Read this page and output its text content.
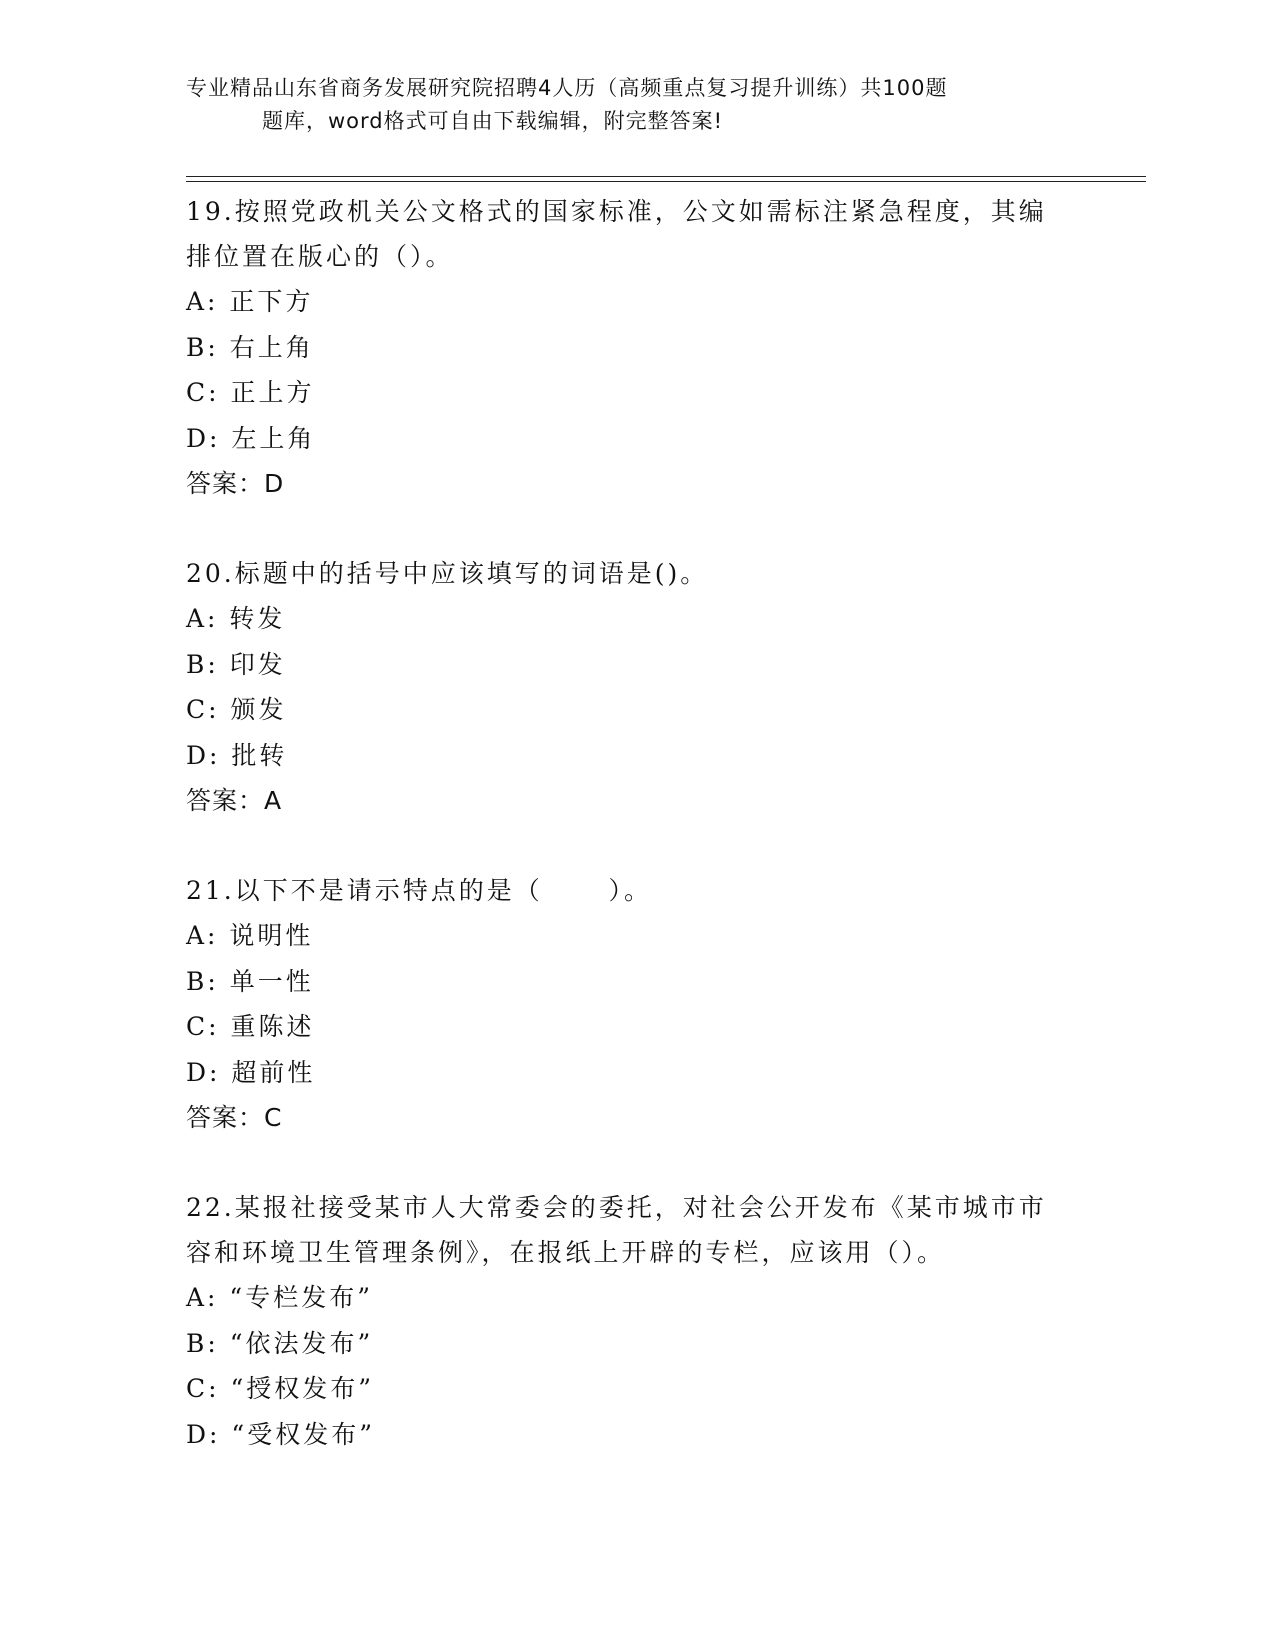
专业精品山东省商务发展研究院招聘4人历（高频重点复习提升训练）共100题
题库，word格式可自由下载编辑，附完整答案!
19.按照党政机关公文格式的国家标准，公文如需标注紧急程度，其编
排位置在版心的（）。
A: 正下方
B: 右上角
C: 正上方
D: 左上角
答案：D
20.标题中的括号中应该填写的词语是()。
A: 转发
B: 印发
C: 颁发
D: 批转
答案：A
21.以下不是请示特点的是（      ）。
A: 说明性
B: 单一性
C: 重陈述
D: 超前性
答案：C
22.某报社接受某市人大常委会的委托，对社会公开发布《某市城市市
容和环境卫生管理条例》，在报纸上开辟的专栏，应该用（）。
A: “专栏发布”
B: “依法发布”
C: “授权发布”
D: “受权发布”
